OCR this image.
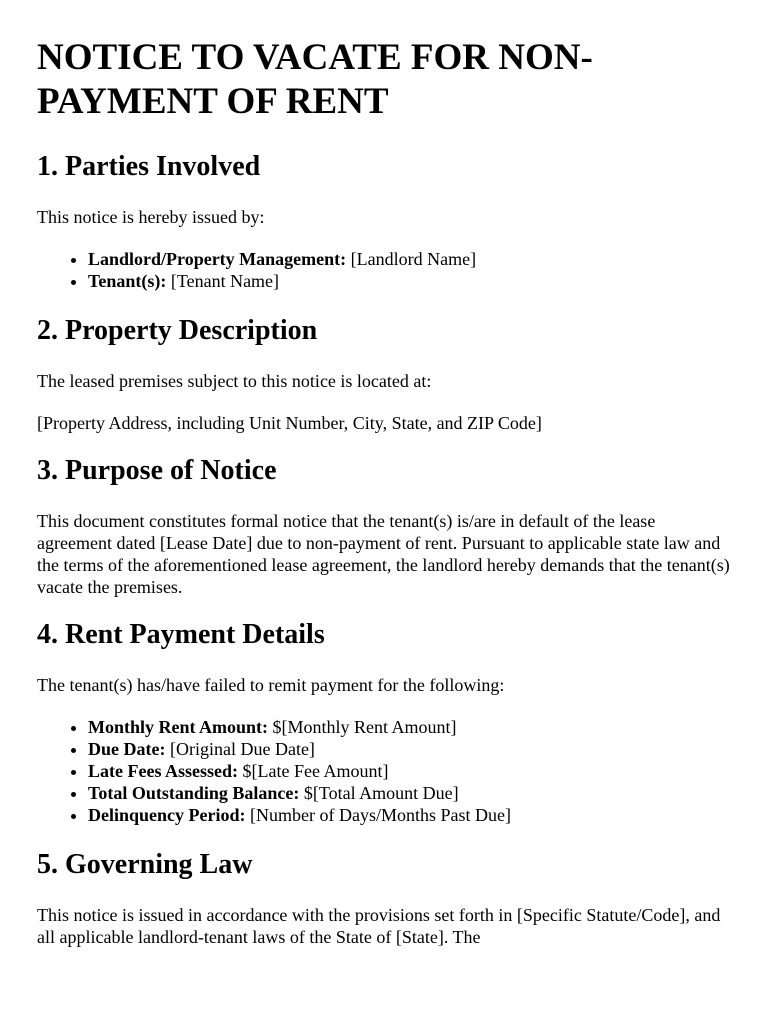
NOTICE TO VACATE FOR NON-PAYMENT OF RENT
1. Parties Involved

This notice is hereby issued by:

• Landlord/Property Management: [Landlord Name]
• Tenant(s): [Tenant Name]
2. Property Description

The leased premises subject to this notice is located at:

[Property Address, including Unit Number, City, State, and ZIP Code]

3. Purpose of Notice

This document constitutes formal notice that the tenant(s) is/are in default of the lease agreement dated [Lease Date] due to non-payment of rent. Pursuant to applicable state law and the terms of the aforementioned lease agreement, the landlord hereby demands that the tenant(s) vacate the premises.

4. Rent Payment Details

The tenant(s) has/have failed to remit payment for the following:

• Monthly Rent Amount: $[Monthly Rent Amount]
• Due Date: [Original Due Date]
• Late Fees Assessed: $[Late Fee Amount]
• Total Outstanding Balance: $[Total Amount Due]
• Delinquency Period: [Number of Days/Months Past Due]
5. Governing Law

This notice is issued in accordance with the provisions set forth in [Specific Statute/Code], and all applicable landlord-tenant laws of the State of [State]. The
